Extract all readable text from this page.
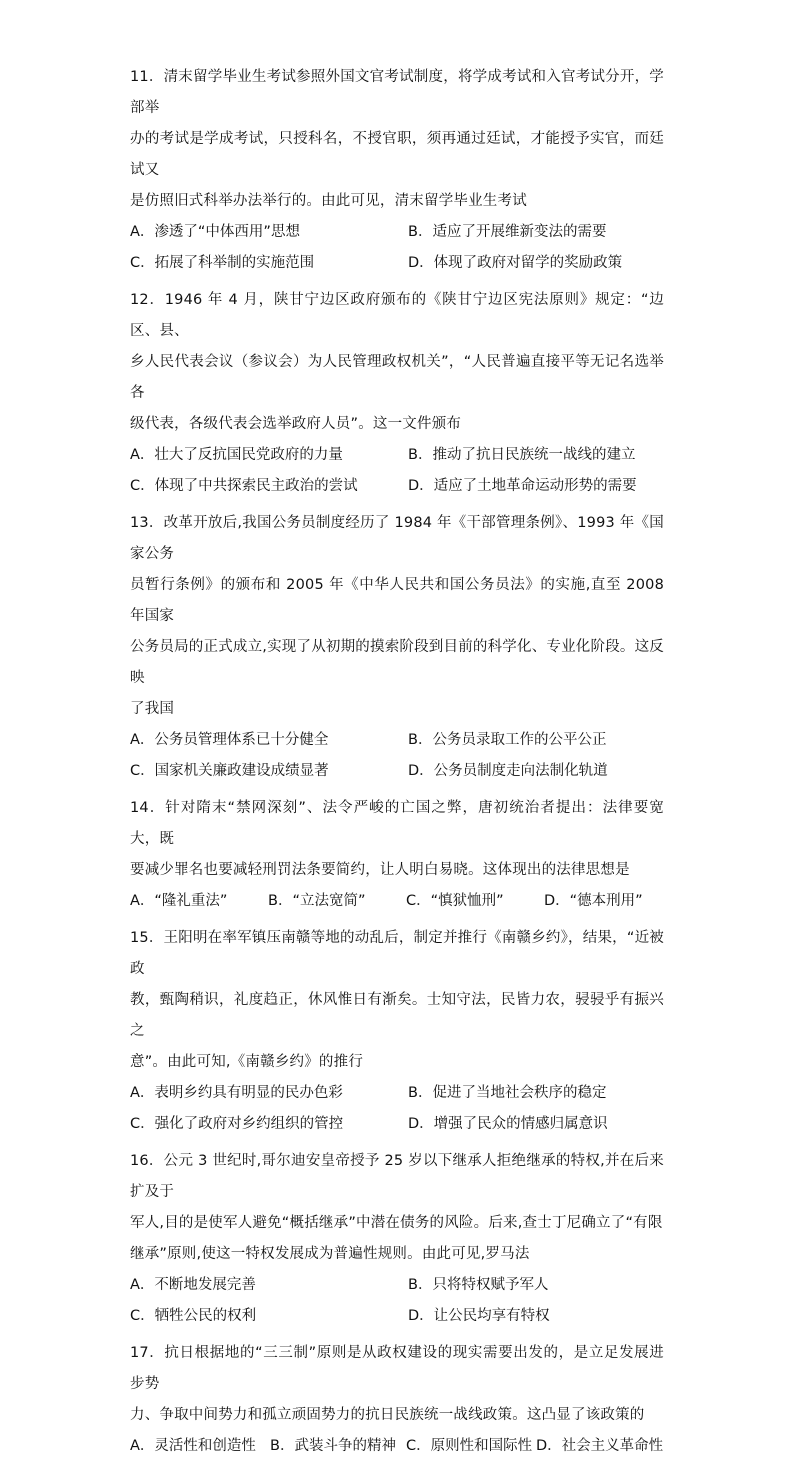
11．清末留学毕业生考试参照外国文官考试制度，将学成考试和入官考试分开，学部举
办的考试是学成考试，只授科名，不授官职，须再通过廷试，才能授予实官，而廷试又
是仿照旧式科举办法举行的。由此可见，清末留学毕业生考试

A．渗透了“中体西用”思想	B．适应了开展维新变法的需要
C．拓展了科举制的实施范围	D．体现了政府对留学的奖励政策

12．1946 年 4 月，陕甘宁边区政府颁布的《陕甘宁边区宪法原则》规定：“边区、县、
乡人民代表会议（参议会）为人民管理政权机关”，“人民普遍直接平等无记名选举各
级代表，各级代表会选举政府人员”。这一文件颁布

A．壮大了反抗国民党政府的力量	B．推动了抗日民族统一战线的建立
C．体现了中共探索民主政治的尝试	D．适应了土地革命运动形势的需要

13．改革开放后,我国公务员制度经历了 1984 年《干部管理条例》、1993 年《国家公务
员暂行条例》的颁布和 2005 年《中华人民共和国公务员法》的实施,直至 2008 年国家
公务员局的正式成立,实现了从初期的摸索阶段到目前的科学化、专业化阶段。这反映
了我国

A．公务员管理体系已十分健全	B．公务员录取工作的公平公正
C．国家机关廉政建设成绩显著	D．公务员制度走向法制化轨道

14．针对隋末“禁网深刻”、法令严峻的亡国之弊，唐初统治者提出：法律要宽大，既
要减少罪名也要减轻刑罚法条要简约，让人明白易晓。这体现出的法律思想是

A．“隆礼重法”	B．“立法宽简”	C．“慎狱恤刑”	D．“德本刑用”

15．王阳明在率军镇压南赣等地的动乱后，制定并推行《南赣乡约》，结果，“近被政
教，甄陶稍识，礼度趋正，休风惟日有渐矣。士知守法，民皆力农，骎骎乎有振兴之
意”。由此可知,《南赣乡约》的推行

A．表明乡约具有明显的民办色彩	B．促进了当地社会秩序的稳定
C．强化了政府对乡约组织的管控	D．增强了民众的情感归属意识

16．公元 3 世纪时,哥尔迪安皇帝授予 25 岁以下继承人拒绝继承的特权,并在后来扩及于
军人,目的是使军人避免“概括继承”中潜在债务的风险。后来,查士丁尼确立了“有限
继承”原则,使这一特权发展成为普遍性规则。由此可见,罗马法

A．不断地发展完善	B．只将特权赋予军人
C．牺牲公民的权利	D．让公民均享有特权

17．抗日根据地的“三三制”原则是从政权建设的现实需要出发的，是立足发展进步势
力、争取中间势力和孤立顽固势力的抗日民族统一战线政策。这凸显了该政策的

A．灵活性和创造性 B．武装斗争的精神 C．原则性和国际性 D．社会主义革命性
